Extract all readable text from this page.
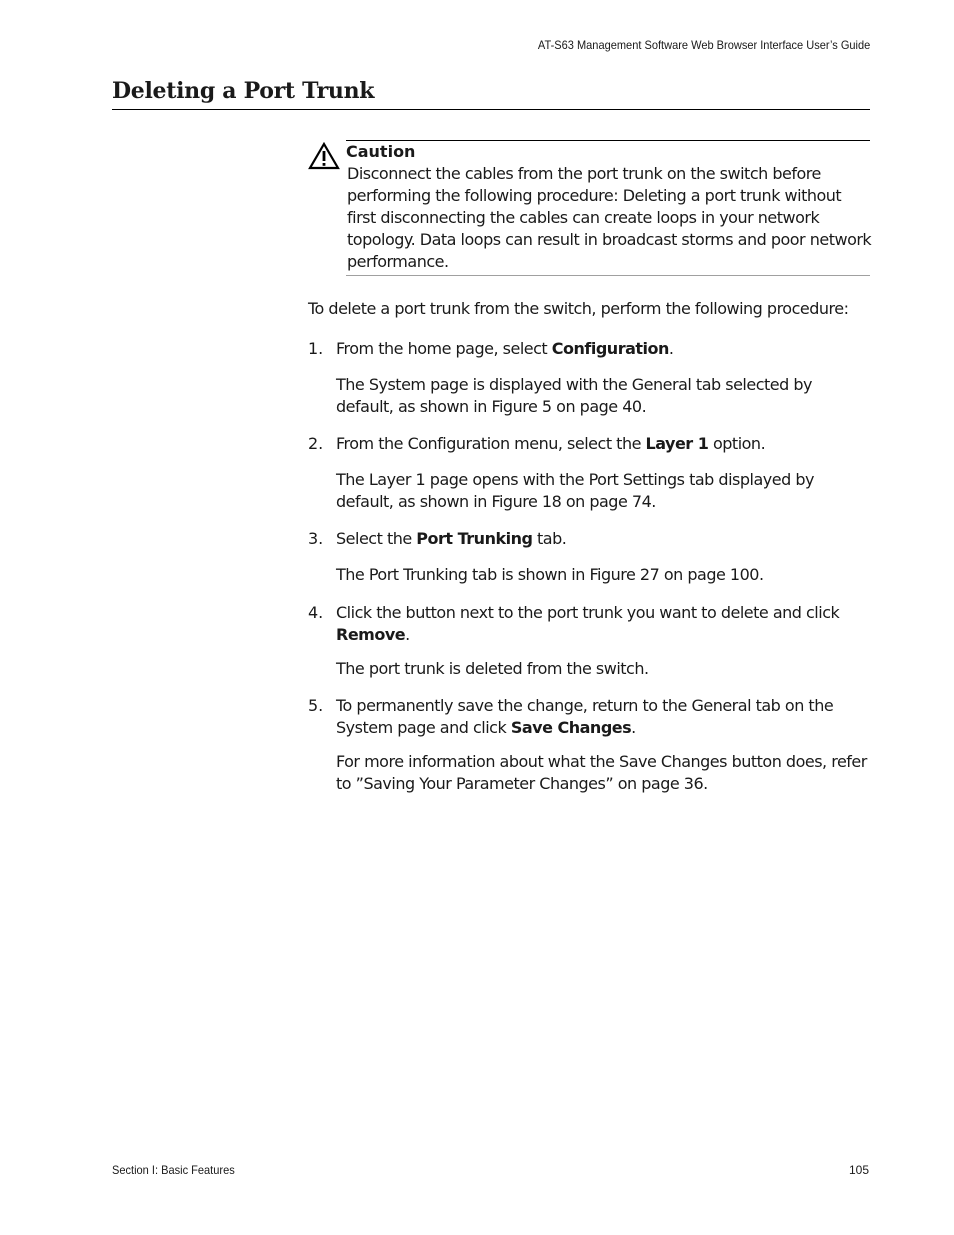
AT-S63 Management Software Web Browser Interface User’s Guide
Deleting a Port Trunk
Caution
Disconnect the cables from the port trunk on the switch before performing the following procedure: Deleting a port trunk without first disconnecting the cables can create loops in your network topology. Data loops can result in broadcast storms and poor network performance.

To delete a port trunk from the switch, perform the following procedure:

1. From the home page, select Configuration.
The System page is displayed with the General tab selected by default, as shown in Figure 5 on page 40.
2. From the Configuration menu, select the Layer 1 option.
The Layer 1 page opens with the Port Settings tab displayed by default, as shown in Figure 18 on page 74.
3. Select the Port Trunking tab.
The Port Trunking tab is shown in Figure 27 on page 100.
4. Click the button next to the port trunk you want to delete and click Remove.
The port trunk is deleted from the switch.
5. To permanently save the change, return to the General tab on the System page and click Save Changes.
For more information about what the Save Changes button does, refer to ”Saving Your Parameter Changes” on page 36.
Section I: Basic Features	105
